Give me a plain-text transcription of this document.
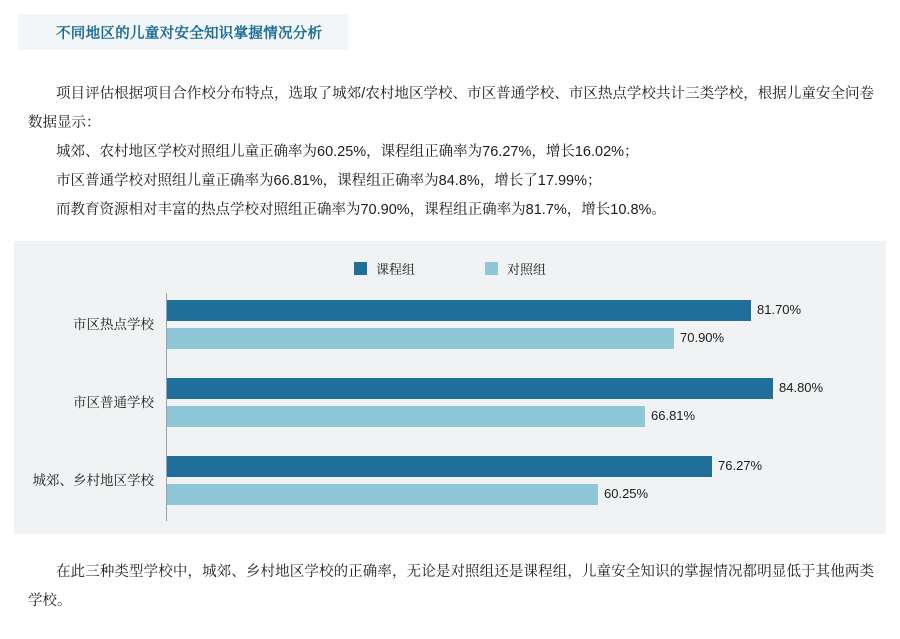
不同地区的儿童对安全知识掌握情况分析
项目评估根据项目合作校分布特点，选取了城郊/农村地区学校、市区普通学校、市区热点学校共计三类学校，根据儿童安全问卷数据显示：
城郊、农村地区学校对照组儿童正确率为60.25%，课程组正确率为76.27%，增长16.02%；
市区普通学校对照组儿童正确率为66.81%，课程组正确率为84.8%，增长了17.99%；
而教育资源相对丰富的热点学校对照组正确率为70.90%，课程组正确率为81.7%，增长10.8%。
课程组	对照组
市区热点学校
81.70%
70.90%
市区普通学校
84.80%
66.81%
城郊、乡村地区学校
76.27%
60.25%
在此三种类型学校中，城郊、乡村地区学校的正确率，无论是对照组还是课程组，儿童安全知识的掌握情况都明显低于其他两类学校。
